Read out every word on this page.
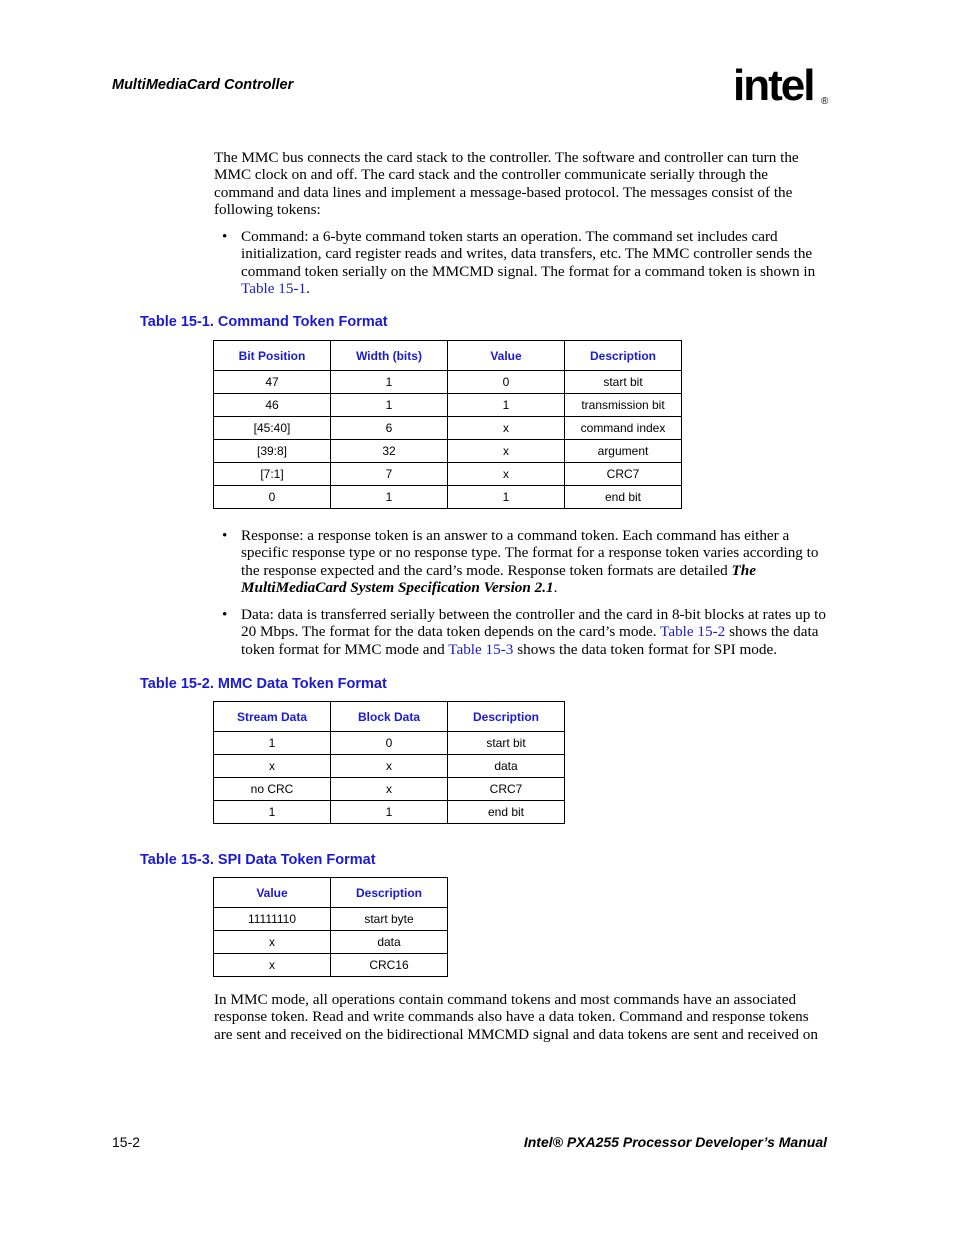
MultiMediaCard Controller	intel ®

The MMC bus connects the card stack to the controller. The software and controller can turn the MMC clock on and off. The card stack and the controller communicate serially through the command and data lines and implement a message-based protocol. The messages consist of the following tokens:

• Command: a 6-byte command token starts an operation. The command set includes card initialization, card register reads and writes, data transfers, etc. The MMC controller sends the command token serially on the MMCMD signal. The format for a command token is shown in Table 15-1.

Table 15-1. Command Token Format
Bit Position	Width (bits)	Value	Description
47	1	0	start bit
46	1	1	transmission bit
[45:40]	6	x	command index
[39:8]	32	x	argument
[7:1]	7	x	CRC7
0	1	1	end bit

• Response: a response token is an answer to a command token. Each command has either a specific response type or no response type. The format for a response token varies according to the response expected and the card’s mode. Response token formats are detailed The MultiMediaCard System Specification Version 2.1.

• Data: data is transferred serially between the controller and the card in 8-bit blocks at rates up to 20 Mbps. The format for the data token depends on the card’s mode. Table 15-2 shows the data token format for MMC mode and Table 15-3 shows the data token format for SPI mode.

Table 15-2. MMC Data Token Format
Stream Data	Block Data	Description
1	0	start bit
x	x	data
no CRC	x	CRC7
1	1	end bit
Table 15-3. SPI Data Token Format
Value	Description
11111110	start byte
x	data
x	CRC16

In MMC mode, all operations contain command tokens and most commands have an associated response token. Read and write commands also have a data token. Command and response tokens are sent and received on the bidirectional MMCMD signal and data tokens are sent and received on

15-2	Intel® PXA255 Processor Developer’s Manual
